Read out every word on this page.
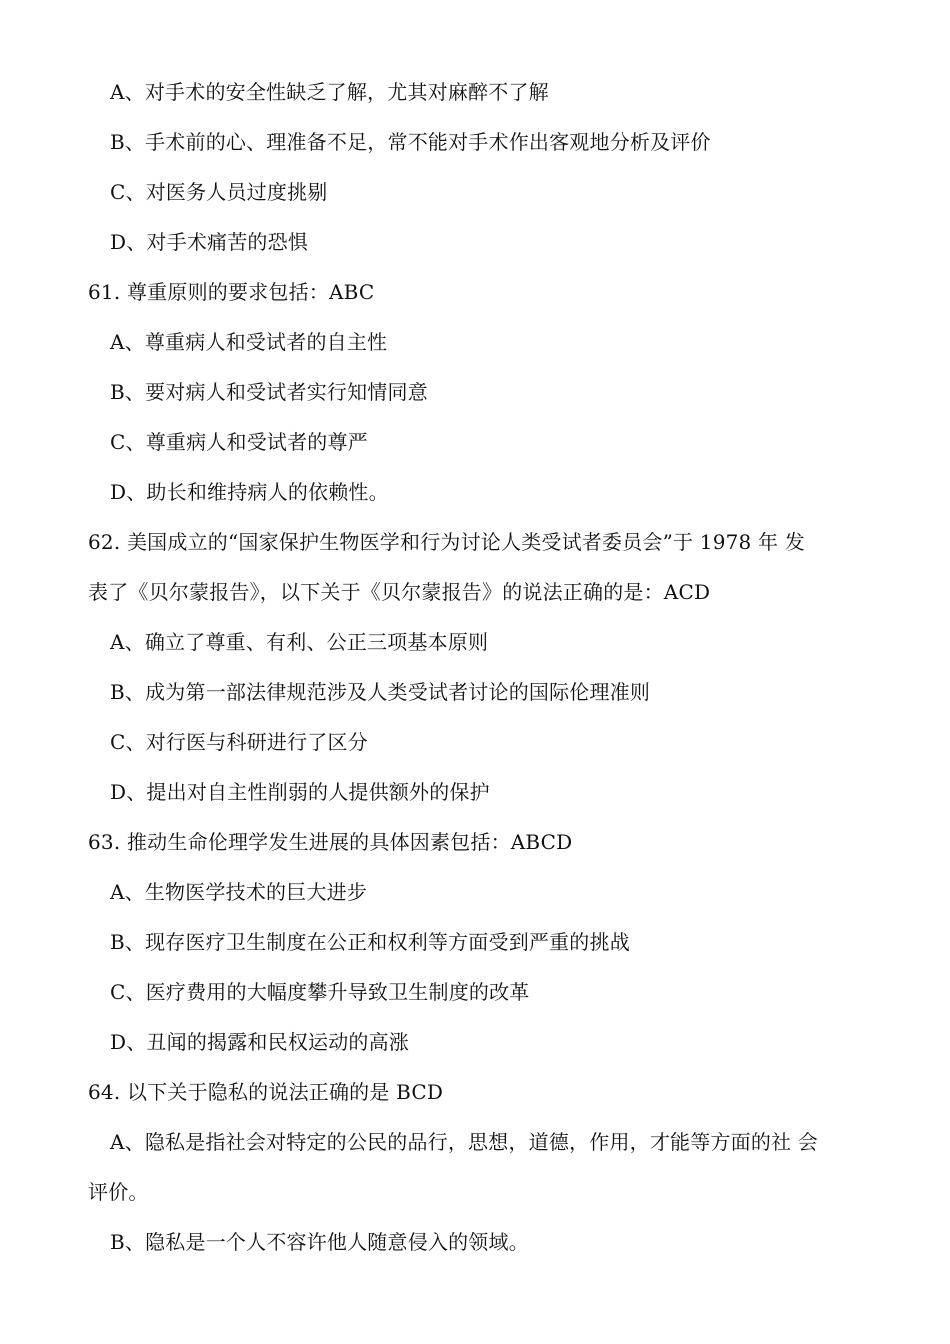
A、对手术的安全性缺乏了解，尤其对麻醉不了解
B、手术前的心、理准备不足，常不能对手术作出客观地分析及评价
C、对医务人员过度挑剔
D、对手术痛苦的恐惧
61. 尊重原则的要求包括：ABC
A、尊重病人和受试者的自主性
B、要对病人和受试者实行知情同意
C、尊重病人和受试者的尊严
D、助长和维持病人的依赖性。
62. 美国成立的“国家保护生物医学和行为讨论人类受试者委员会”于 1978 年 发
表了《贝尔蒙报告》，以下关于《贝尔蒙报告》的说法正确的是：ACD
A、确立了尊重、有利、公正三项基本原则
B、成为第一部法律规范涉及人类受试者讨论的国际伦理准则
C、对行医与科研进行了区分
D、提出对自主性削弱的人提供额外的保护
63. 推动生命伦理学发生进展的具体因素包括：ABCD
A、生物医学技术的巨大进步
B、现存医疗卫生制度在公正和权利等方面受到严重的挑战
C、医疗费用的大幅度攀升导致卫生制度的改革
D、丑闻的揭露和民权运动的高涨
64. 以下关于隐私的说法正确的是 BCD
A、隐私是指社会对特定的公民的品行，思想，道德，作用，才能等方面的社 会
评价。
B、隐私是一个人不容许他人随意侵入的领域。
